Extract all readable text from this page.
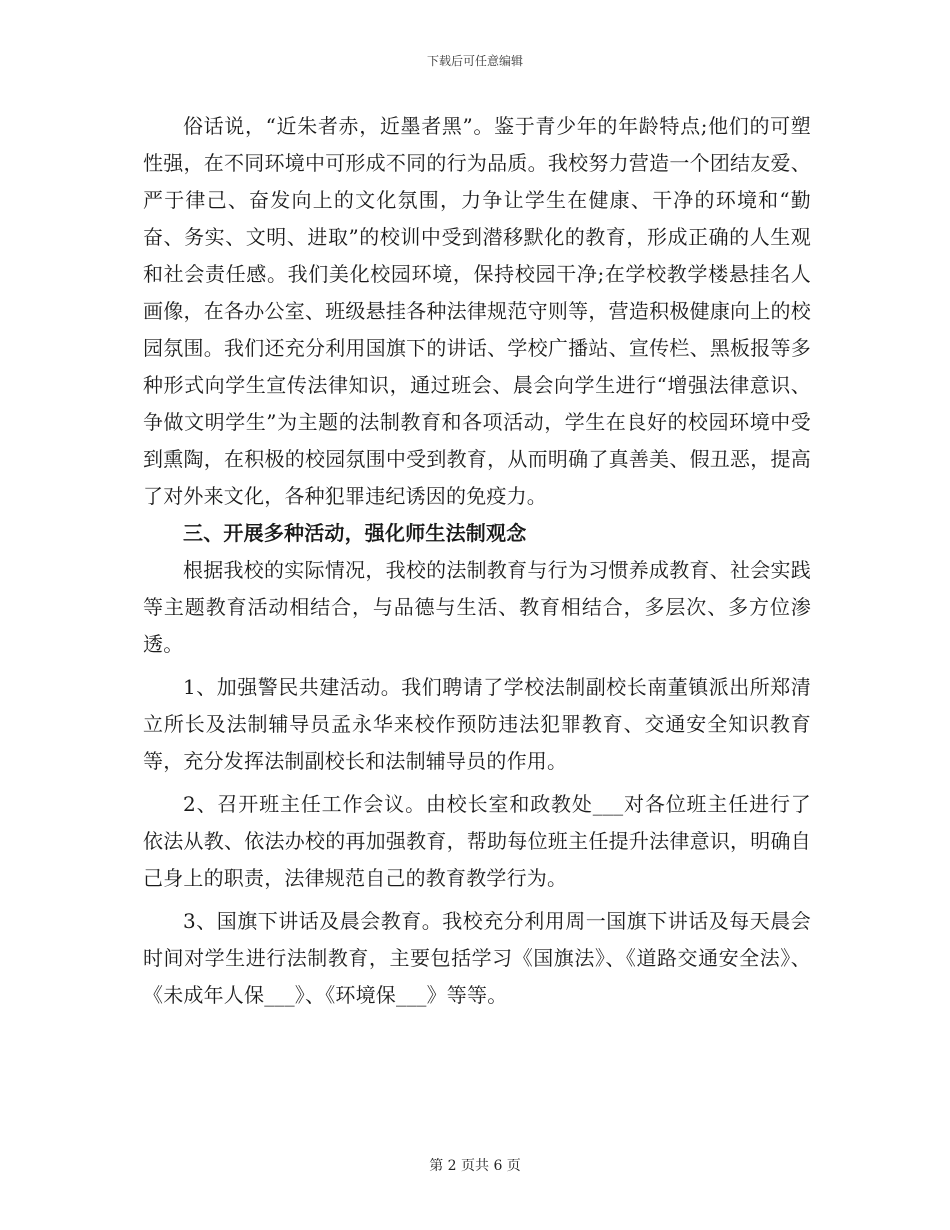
下载后可任意编辑

俗话说，“近朱者赤，近墨者黑”。鉴于青少年的年龄特点;他们的可塑性强，在不同环境中可形成不同的行为品质。我校努力营造一个团结友爱、严于律己、奋发向上的文化氛围，力争让学生在健康、干净的环境和“勤奋、务实、文明、进取”的校训中受到潜移默化的教育，形成正确的人生观和社会责任感。我们美化校园环境，保持校园干净;在学校教学楼悬挂名人画像，在各办公室、班级悬挂各种法律规范守则等，营造积极健康向上的校园氛围。我们还充分利用国旗下的讲话、学校广播站、宣传栏、黑板报等多种形式向学生宣传法律知识，通过班会、晨会向学生进行“增强法律意识、争做文明学生”为主题的法制教育和各项活动，学生在良好的校园环境中受到熏陶，在积极的校园氛围中受到教育，从而明确了真善美、假丑恶，提高了对外来文化，各种犯罪违纪诱因的免疫力。

三、开展多种活动，强化师生法制观念

根据我校的实际情况，我校的法制教育与行为习惯养成教育、社会实践等主题教育活动相结合，与品德与生活、教育相结合，多层次、多方位渗透。

1、加强警民共建活动。我们聘请了学校法制副校长南董镇派出所郑清立所长及法制辅导员孟永华来校作预防违法犯罪教育、交通安全知识教育等，充分发挥法制副校长和法制辅导员的作用。

2、召开班主任工作会议。由校长室和政教处___对各位班主任进行了依法从教、依法办校的再加强教育，帮助每位班主任提升法律意识，明确自己身上的职责，法律规范自己的教育教学行为。

3、国旗下讲话及晨会教育。我校充分利用周一国旗下讲话及每天晨会时间对学生进行法制教育，主要包括学习《国旗法》、《道路交通安全法》、《未成年人保___》、《环境保___》等等。

第 2 页共 6 页
